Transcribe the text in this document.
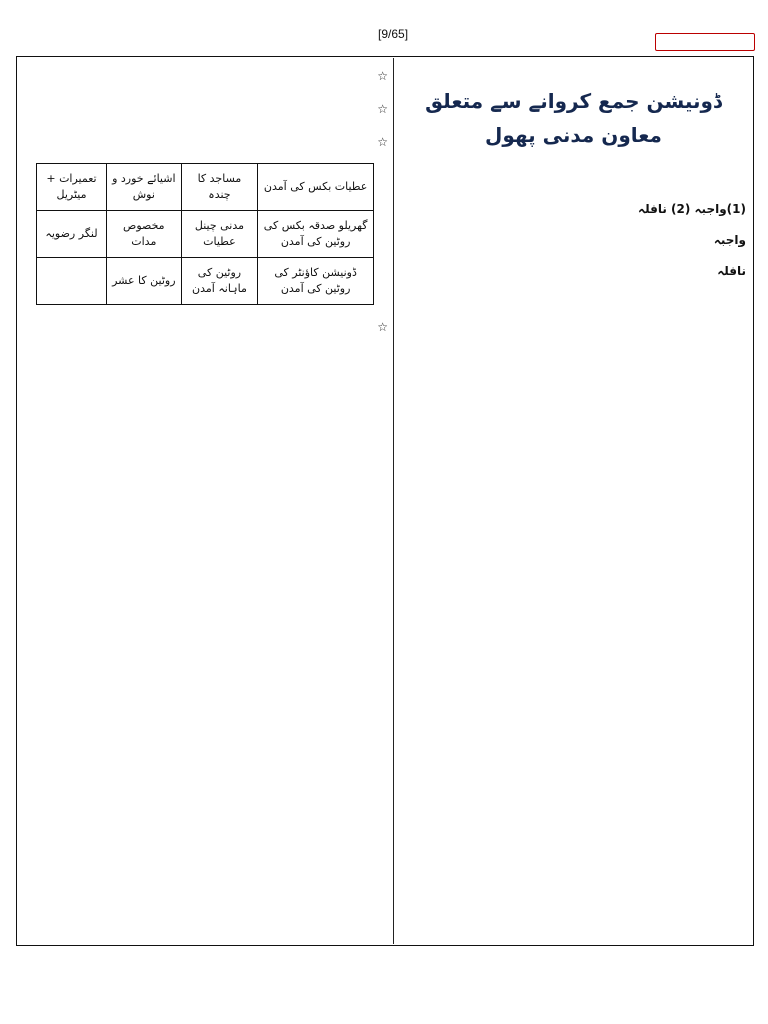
[9/65]
ڈونیشن جمع کروانے سے متعلق معاون مدنی پھول

(1)واجبہ (2) نافلہ

واجبہ

نافلہ

☆

☆

☆

عطیات بکس کی آمدن	مساجد کا چندہ	اشیائے خورد و نوش	تعمیرات + میٹریل
گھریلو صدقہ بکس کی روٹین کی آمدن	مدنی چینل عطیات	مخصوص مدات	لنگر رضویہ
ڈونیشن کاؤنٹر کی روٹین کی آمدن	روٹین کی ماہانہ آمدن	روٹین کا عشر	

☆
